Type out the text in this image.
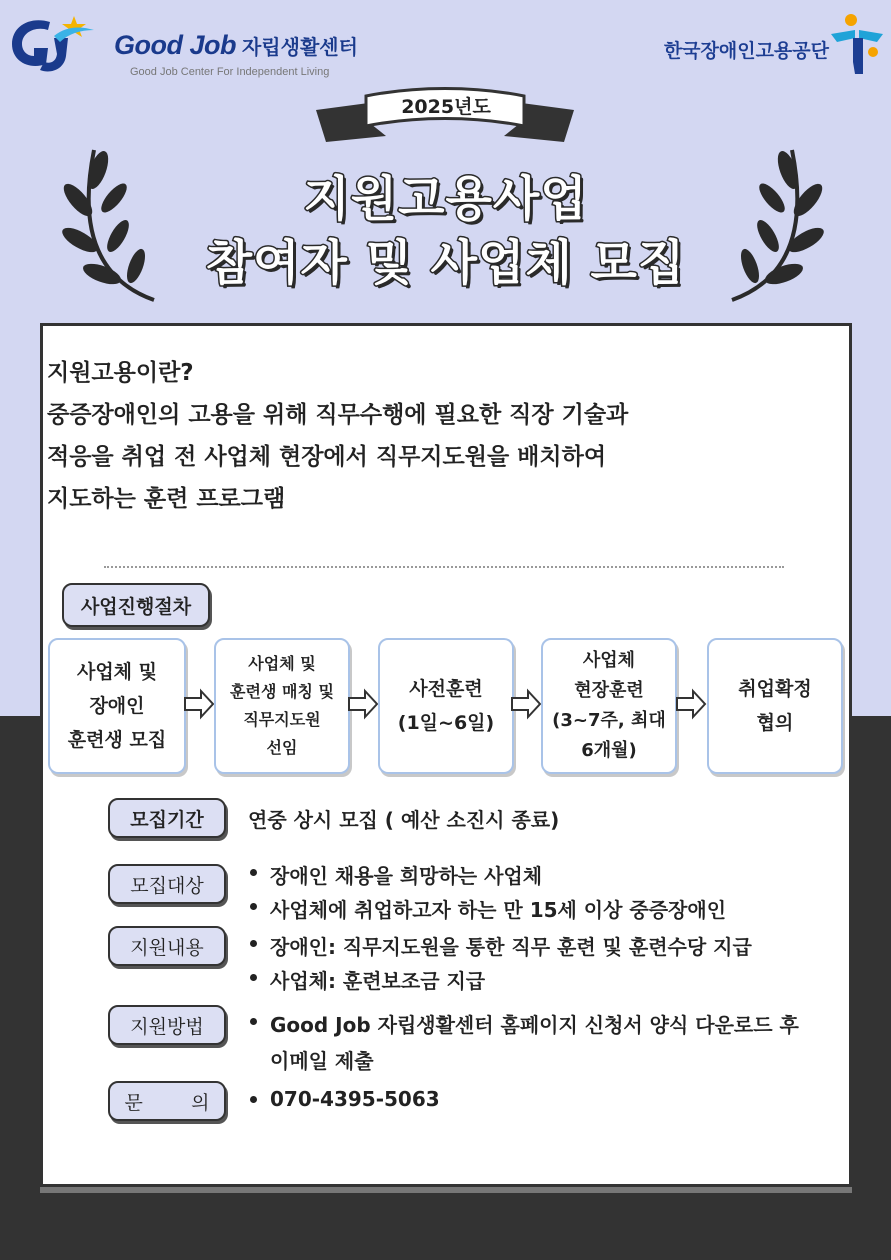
Good Job 자립생활센터
Good Job Center For Independent Living
한국장애인고용공단
2025년도
지원고용사업
참여자 및 사업체 모집
지원고용이란?
중증장애인의 고용을 위해 직무수행에 필요한 직장 기술과
적응을 취업 전 사업체 현장에서 직무지도원을 배치하여
지도하는 훈련 프로그램
사업진행절차
사업체 및
장애인
훈련생 모집
사업체 및
훈련생 매칭 및
직무지도원
선임
사전훈련
(1일~6일)
사업체
현장훈련
(3~7주, 최대
6개월)
취업확정
협의
모집기간	연중 상시 모집 ( 예산 소진시 종료)
모집대상	장애인 채용을 희망하는 사업체
사업체에 취업하고자 하는 만 15세 이상 중증장애인
지원내용	장애인: 직무지도원을 통한 직무 훈련 및 훈련수당 지급
사업체: 훈련보조금 지급
지원방법	Good Job 자립생활센터 홈페이지 신청서 양식 다운로드 후
이메일 제출
문        의	070-4395-5063
